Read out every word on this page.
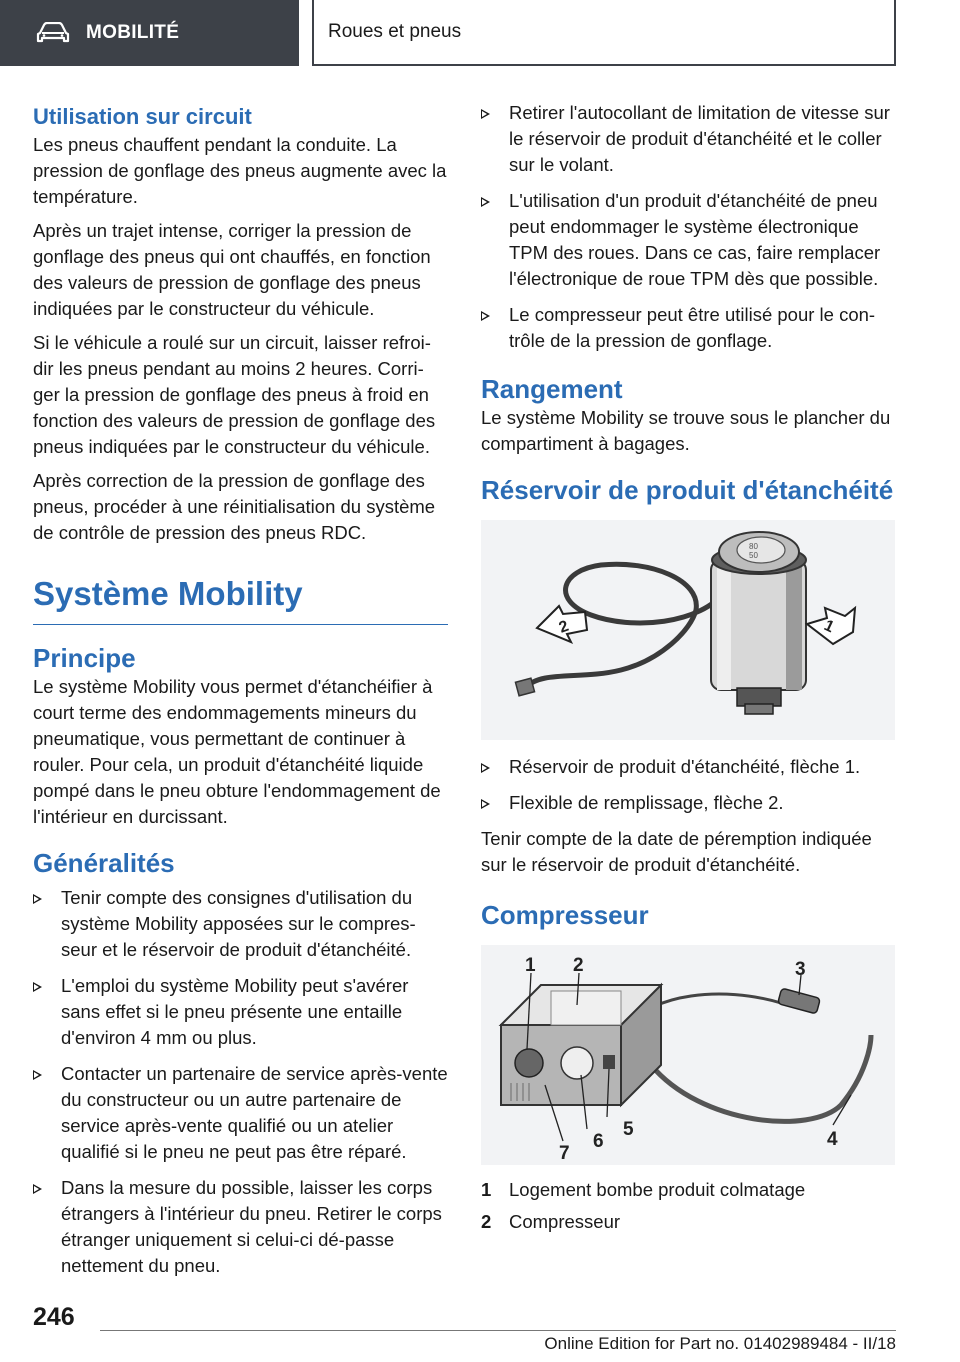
MOBILITÉ	Roues et pneus
Utilisation sur circuit

Les pneus chauffent pendant la conduite. La pression de gonflage des pneus augmente avec la température.

Après un trajet intense, corriger la pression de gonflage des pneus qui ont chauffés, en fonction des valeurs de pression de gonflage des pneus indiquées par le constructeur du véhicule.

Si le véhicule a roulé sur un circuit, laisser refroi-dir les pneus pendant au moins 2 heures. Corri-ger la pression de gonflage des pneus à froid en fonction des valeurs de pression de gonflage des pneus indiquées par le constructeur du véhicule.

Après correction de la pression de gonflage des pneus, procéder à une réinitialisation du système de contrôle de pression des pneus RDC.

Système Mobility
Principe

Le système Mobility vous permet d'étanchéifier à court terme des endommagements mineurs du pneumatique, vous permettant de continuer à rouler. Pour cela, un produit d'étanchéité liquide pompé dans le pneu obture l'endommagement de l'intérieur en durcissant.

Généralités
Tenir compte des consignes d'utilisation du système Mobility apposées sur le compres-seur et le réservoir de produit d'étanchéité.
L'emploi du système Mobility peut s'avérer sans effet si le pneu présente une entaille d'environ 4 mm ou plus.
Contacter un partenaire de service après-vente du constructeur ou un autre partenaire de service après-vente qualifié ou un atelier qualifié si le pneu ne peut pas être réparé.
Dans la mesure du possible, laisser les corps étrangers à l'intérieur du pneu. Retirer le corps étranger uniquement si celui-ci dé-passe nettement du pneu.
Retirer l'autocollant de limitation de vitesse sur le réservoir de produit d'étanchéité et le coller sur le volant.
L'utilisation d'un produit d'étanchéité de pneu peut endommager le système électronique TPM des roues. Dans ce cas, faire remplacer l'électronique de roue TPM dès que possible.
Le compresseur peut être utilisé pour le con-trôle de la pression de gonflage.
Rangement

Le système Mobility se trouve sous le plancher du compartiment à bagages.

Réservoir de produit d'étanchéité
80
50
2	1
Réservoir de produit d'étanchéité, flèche 1.
Flexible de remplissage, flèche 2.

Tenir compte de la date de péremption indiquée sur le réservoir de produit d'étanchéité.

Compresseur
1 2	3
4
5
6
7
1 Logement bombe produit colmatage
2 Compresseur
246
Online Edition for Part no. 01402989484 - II/18
